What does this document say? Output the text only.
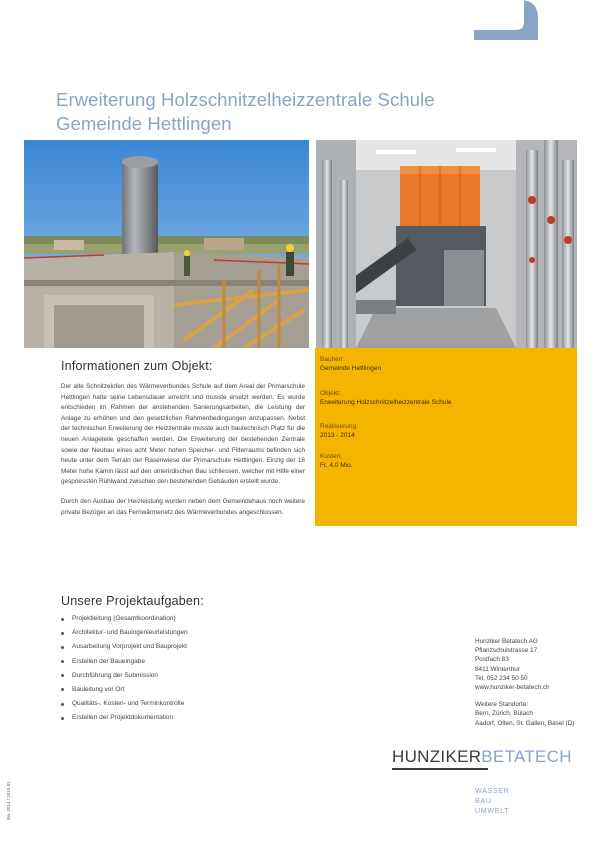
Erweiterung Holzschnitzelheizzentrale Schule
Gemeinde Hettlingen
Informationen zum Objekt:

Der alte Schnitzelofen des Wärmeverbundes Schule auf dem Areal der Primarschule Hettlingen hatte seine Lebensdauer erreicht und musste ersetzt werden. Es wurde entschieden im Rahmen der anstehenden Sanierungsarbeiten, die Leistung der Anlage zu erhöhen und den gesetzlichen Rahmenbedingungen anzupassen. Nebst der technischen Erweiterung der Heizzentrale musste auch bautechnisch Platz für die neuen Anlageteile geschaffen werden. Die Erweiterung der bestehenden Zentrale sowie der Neubau eines acht Meter hohen Speicher- und Filterraums befinden sich heute unter dem Terrain der Rasenwiese der Primarschule Hettlingen. Einzig der 18 Meter hohe Kamin lässt auf den unterirdischen Bau schliessen, welcher mit Hilfe einer gespriessten Rühlwand zwischen den bestehenden Gebäuden erstellt wurde.

Durch den Ausbau der Heizleistung wurden neben dem Gemeindehaus noch weitere private Bezüger an das Fernwärmenetz des Wärmeverbundes angeschlossen.

Bauherr:
Gemeinde Hettlingen
Objekt:
Erweiterung Holzschnitzelheizzentrale Schule
Realisierung:
2013 - 2014
Kosten:
Fr. 4.0 Mio.
Unsere Projektaufgaben:
Projektleitung (Gesamtkoordination)
Architektur- und Bauingenieurleistungen
Ausarbeitung Vorprojekt und Bauprojekt
Erstellen der Baueingabe
Durchführung der Submission
Bauleitung vor Ort
Qualitäts-, Kosten- und Terminkontrolle
Erstellen der Projektdokumentation
Hunziker Betatech AG
Pflanzschulstrasse 17
Postfach 83
8411 Winterthur
Tel. 052 234 50 50
www.hunziker-betatech.ch
Weitere Standorte:
Bern, Zürich, Bülach
Aadorf, Olten, St. Gallen, Basel (D)
HUNZIKERBETATECH
WASSER
BAU
UMWELT
Bw. 2014 / 2015-01
